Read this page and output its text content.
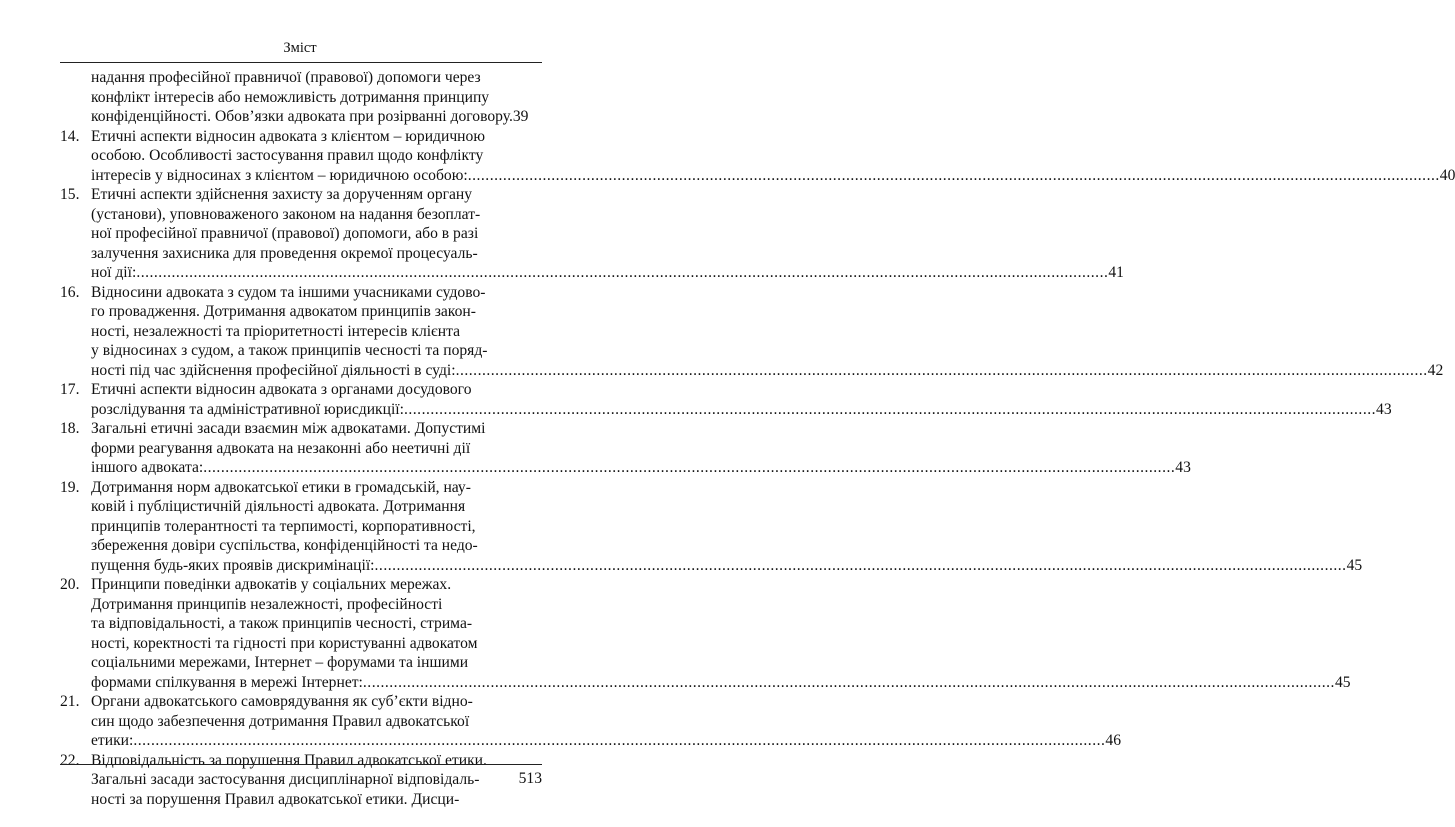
Зміст
надання професійної правничої (правової) допомоги через
конфлікт інтересів або неможливість дотримання принципу
конфіденційності. Обов’язки адвоката при розірванні договору.39
14. Етичні аспекти відносин адвоката з клієнтом – юридичною
особою. Особливості застосування правил щодо конфлікту
інтересів у відносинах з клієнтом – юридичною особою: .....	40
15. Етичні аспекти здійснення захисту за дорученням органу
(установи), уповноваженого законом на надання безоплат-
ної професійної правничої (правової) допомоги, або в разі
залучення захисника для проведення окремої процесуаль-
ної дії: .....	41
16. Відносини адвоката з судом та іншими учасниками судово-
го провадження. Дотримання адвокатом принципів закон-
ності, незалежності та пріоритетності інтересів клієнта
у відносинах з судом, а також принципів чесності та поряд-
ності під час здійснення професійної діяльності в суді: .....	42
17. Етичні аспекти відносин адвоката з органами досудового
розслідування та адміністративної юрисдикції: .....	43
18. Загальні етичні засади взаємин між адвокатами. Допустимі
форми реагування адвоката на незаконні або неетичні дії
іншого адвоката: .....	43
19. Дотримання норм адвокатської етики в громадській, нау-
ковій і публіцистичній діяльності адвоката. Дотримання
принципів толерантності та терпимості, корпоративності,
збереження довіри суспільства, конфіденційності та недо-
пущення будь-яких проявів дискримінації: .....	45
20. Принципи поведінки адвокатів у соціальних мережах.
Дотримання принципів незалежності, професійності
та відповідальності, а також принципів чесності, стрима-
ності, коректності та гідності при користуванні адвокатом
соціальними мережами, Інтернет – форумами та іншими
формами спілкування в мережі Інтернет: .....	45
21. Органи адвокатського самоврядування як суб’єкти відно-
син щодо забезпечення дотримання Правил адвокатської
етики: .....	46
22. Відповідальність за порушення Правил адвокатської етики.
Загальні засади застосування дисциплінарної відповідаль-
ності за порушення Правил адвокатської етики. Дисци-
513
